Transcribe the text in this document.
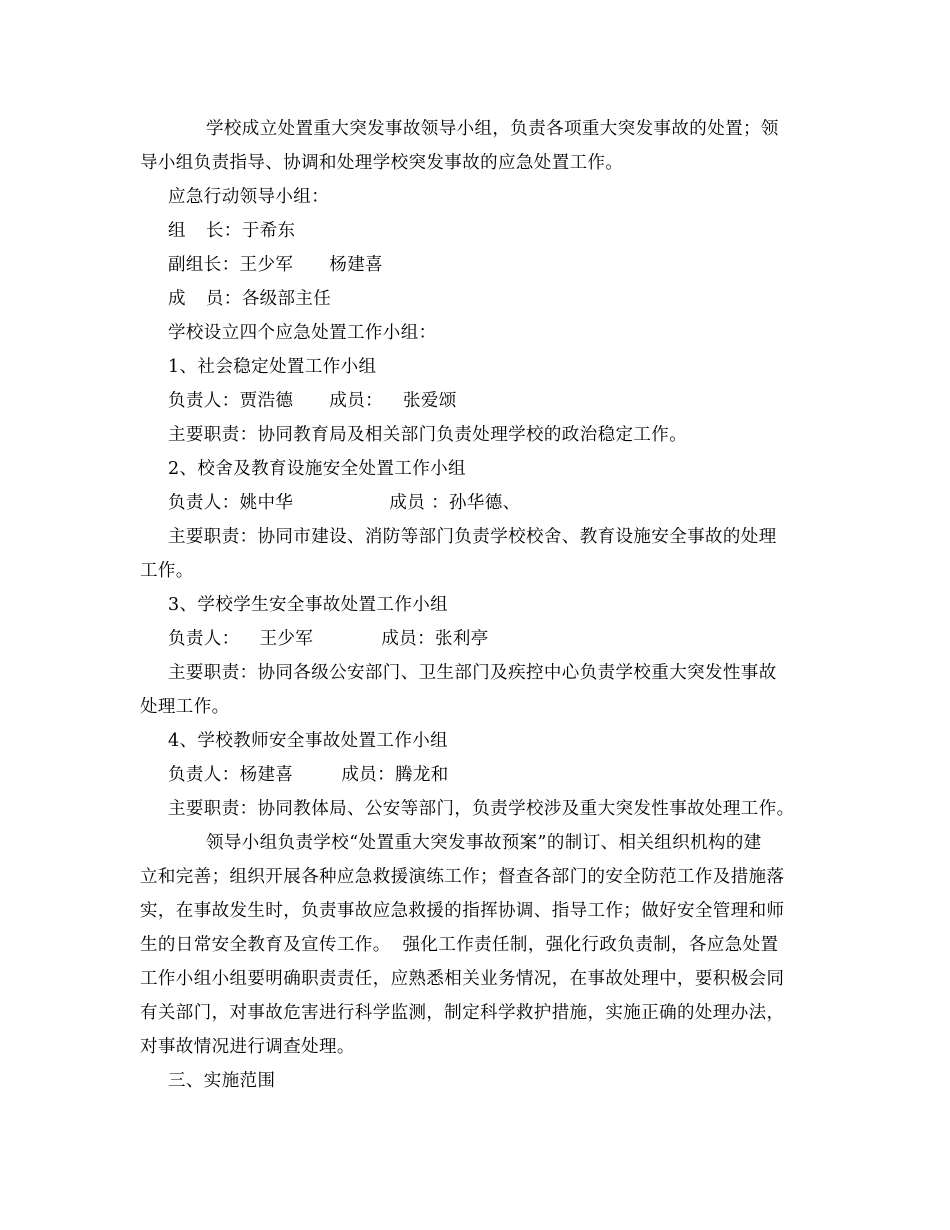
学校成立处置重大突发事故领导小组，负责各项重大突发事故的处置；领
导小组负责指导、协调和处理学校突发事故的应急处置工作。
应急行动领导小组：
组 长：于希东
副组长：王少军 杨建喜
成 员：各级部主任
学校设立四个应急处置工作小组：
1、社会稳定处置工作小组
负责人：贾浩德 成员： 张爱颂
主要职责：协同教育局及相关部门负责处理学校的政治稳定工作。
2、校舍及教育设施安全处置工作小组
负责人：姚中华	成员 ：孙华德、
主要职责：协同市建设、消防等部门负责学校校舍、教育设施安全事故的处理
工作。
3、学校学生安全事故处置工作小组
负责人： 王少军	成员：张利亭
主要职责：协同各级公安部门、卫生部门及疾控中心负责学校重大突发性事故
处理工作。
4、学校教师安全事故处置工作小组
负责人：杨建喜	成员：腾龙和
主要职责：协同教体局、公安等部门，负责学校涉及重大突发性事故处理工作。
领导小组负责学校“处置重大突发事故预案”的制订、相关组织机构的建
立和完善；组织开展各种应急救援演练工作；督查各部门的安全防范工作及措施落
实，在事故发生时，负责事故应急救援的指挥协调、指导工作；做好安全管理和师
生的日常安全教育及宣传工作。  强化工作责任制，强化行政负责制，各应急处置
工作小组小组要明确职责责任，应熟悉相关业务情况，在事故处理中，要积极会同
有关部门，对事故危害进行科学监测，制定科学救护措施，实施正确的处理办法，
对事故情况进行调查处理。
三、实施范围
